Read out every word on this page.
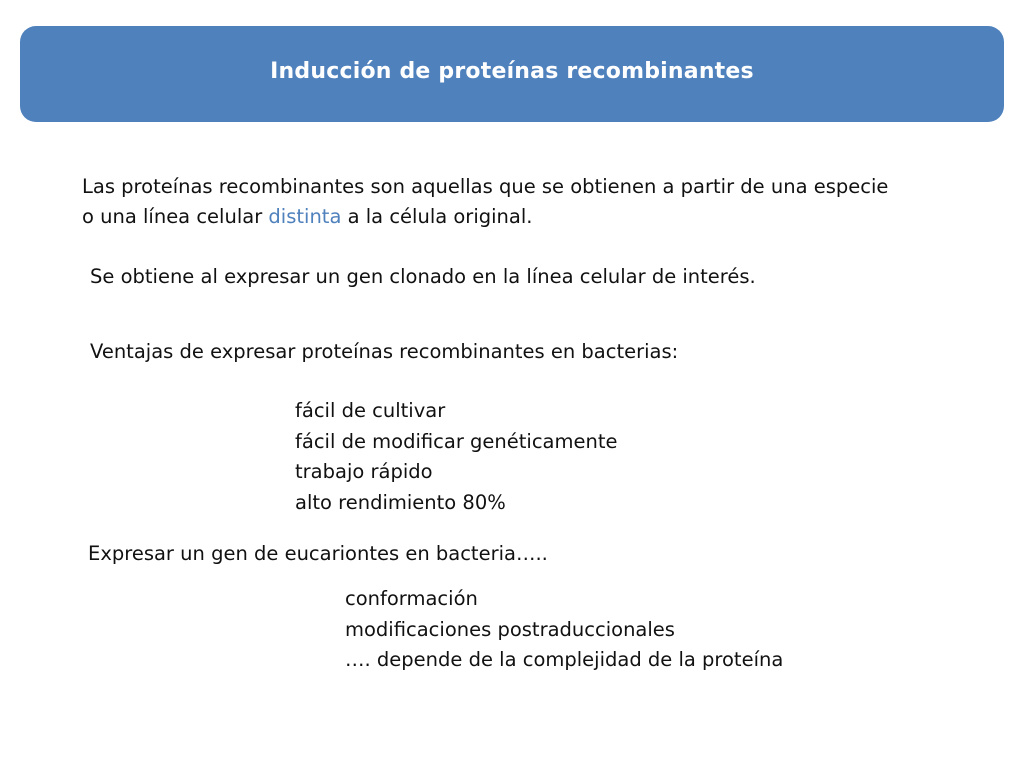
Inducción de proteínas recombinantes
Las proteínas recombinantes son aquellas que se obtienen a partir de una especie
o una línea celular distinta a la célula original.
Se obtiene al expresar un gen clonado en la línea celular de interés.
Ventajas de expresar proteínas recombinantes en bacterias:
fácil de cultivar
fácil de modificar genéticamente
trabajo rápido
alto rendimiento 80%
Expresar un gen de eucariontes en bacteria…..
conformación
modificaciones postraduccionales
…. depende de la complejidad de la proteína
